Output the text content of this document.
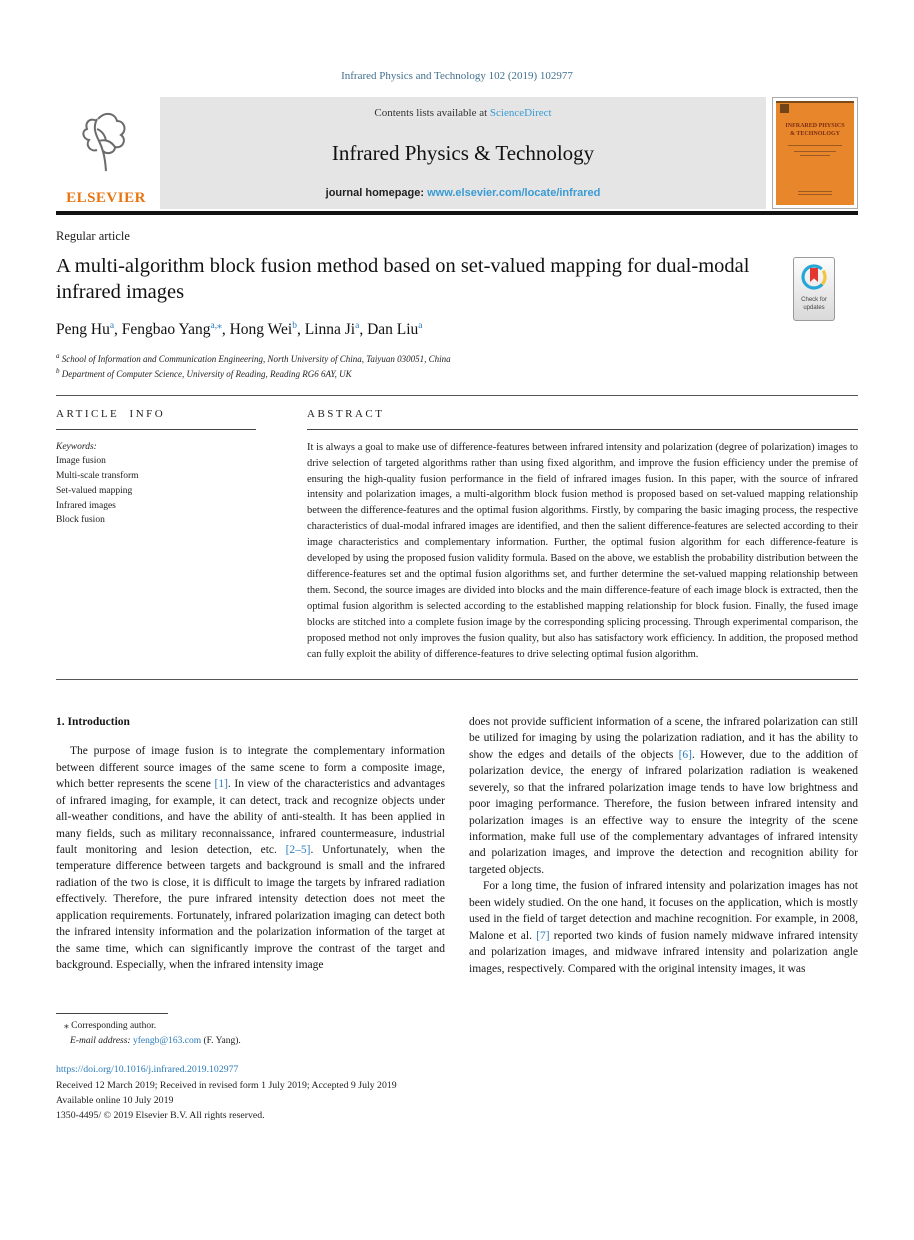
Infrared Physics and Technology 102 (2019) 102977
ELSEVIER
Contents lists available at ScienceDirect
Infrared Physics & Technology
journal homepage: www.elsevier.com/locate/infrared
INFRARED PHYSICS
& TECHNOLOGY
Regular article
A multi-algorithm block fusion method based on set-valued mapping for dual-modal infrared images
Peng Hu$^a$, Fengbao Yang$^{a,⁎}$, Hong Wei$^b$, Linna Ji$^a$, Dan Liu$^a$
$^a$ School of Information and Communication Engineering, North University of China, Taiyuan 030051, China
$^b$ Department of Computer Science, University of Reading, Reading RG6 6AY, UK
ARTICLE INFO
Keywords:
Image fusion
Multi-scale transform
Set-valued mapping
Infrared images
Block fusion
ABSTRACT
It is always a goal to make use of difference-features between infrared intensity and polarization (degree of polarization) images to drive selection of targeted algorithms rather than using fixed algorithm, and improve the fusion efficiency under the premise of ensuring the high-quality fusion performance in the field of infrared images fusion. In this paper, with the source of infrared intensity and polarization images, a multi-algorithm block fusion method is proposed based on set-valued mapping relationship between the difference-features and the optimal fusion algorithms. Firstly, by comparing the basic imaging process, the respective characteristics of dual-modal infrared images are identified, and then the salient difference-features are selected according to their image characteristics and complementary information. Further, the optimal fusion algorithm for each difference-feature is developed by using the proposed fusion validity formula. Based on the above, we establish the probability distribution between the difference-features set and the optimal fusion algorithms set, and further determine the set-valued mapping relationship between them. Second, the source images are divided into blocks and the main difference-feature of each image block is extracted, then the optimal fusion algorithm is selected according to the established mapping relationship for block fusion. Finally, the fused image blocks are stitched into a complete fusion image by the corresponding splicing processing. Through experimental comparison, the proposed method not only improves the fusion quality, but also has satisfactory work efficiency. In addition, the proposed method can fully exploit the ability of difference-features to drive selecting optimal fusion algorithm.
1. Introduction

The purpose of image fusion is to integrate the complementary information between different source images of the same scene to form a composite image, which better represents the scene [1]. In view of the characteristics and advantages of infrared imaging, for example, it can detect, track and recognize objects under all-weather conditions, and have the ability of anti-stealth. It has been applied in many fields, such as military reconnaissance, infrared countermeasure, industrial fault monitoring and lesion detection, etc. [2–5]. Unfortunately, when the temperature difference between targets and background is small and the infrared radiation of the two is close, it is difficult to image the targets by infrared radiation effectively. Therefore, the pure infrared intensity detection does not meet the application requirements. Fortunately, infrared polarization imaging can detect both the infrared intensity information and the polarization information of the target at the same time, which can significantly improve the contrast of the target and background. Especially, when the infrared intensity image

does not provide sufficient information of a scene, the infrared polarization can still be utilized for imaging by using the polarization radiation, and it has the ability to show the edges and details of the objects [6]. However, due to the addition of polarization device, the energy of infrared polarization radiation is weakened severely, so that the infrared polarization image tends to have low brightness and poor imaging performance. Therefore, the fusion between infrared intensity and polarization images is an effective way to ensure the integrity of the scene information, make full use of the complementary advantages of infrared intensity and polarization images, and improve the detection and recognition ability for targeted objects.

For a long time, the fusion of infrared intensity and polarization images has not been widely studied. On the one hand, it focuses on the application, which is mostly used in the field of target detection and machine recognition. For example, in 2008, Malone et al. [7] reported two kinds of fusion namely midwave infrared intensity and polarization images, and midwave infrared intensity and polarization angle images, respectively. Compared with the original intensity images, it was

⁎ Corresponding author.
E-mail address: yfengb@163.com (F. Yang).
https://doi.org/10.1016/j.infrared.2019.102977
Received 12 March 2019; Received in revised form 1 July 2019; Accepted 9 July 2019
Available online 10 July 2019
1350-4495/ © 2019 Elsevier B.V. All rights reserved.
Check for
updates
